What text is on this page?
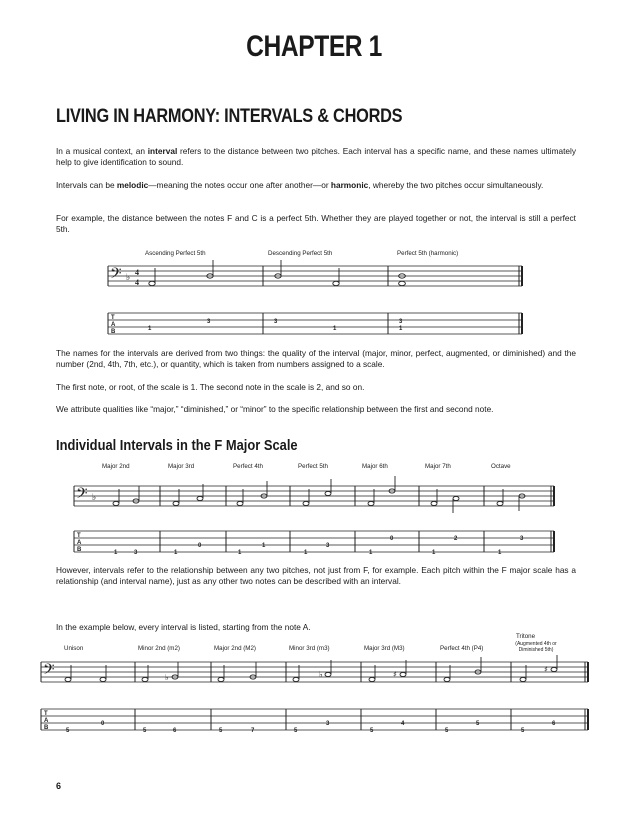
CHAPTER 1
LIVING IN HARMONY: INTERVALS & CHORDS
In a musical context, an interval refers to the distance between two pitches. Each interval has a specific name, and these names ultimately help to give identification to sound.
Intervals can be melodic—meaning the notes occur one after another—or harmonic, whereby the two pitches occur simultaneously.
For example, the distance between the notes F and C is a perfect 5th. Whether they are played together or not, the interval is still a perfect 5th.
Ascending Perfect 5th	Descending Perfect 5th	Perfect 5th (harmonic)
𝄢 ♭
4
4
T
A
B	1
3	3
1
3
1
The names for the intervals are derived from two things: the quality of the interval (major, minor, perfect, augmented, or diminished) and the number (2nd, 4th, 7th, etc.), or quantity, which is taken from numbers assigned to a scale.
The first note, or root, of the scale is 1. The second note in the scale is 2, and so on.
We attribute qualities like “major,” “diminished,” or “minor” to the specific relationship between the first and second note.
Individual Intervals in the F Major Scale
Major 2nd	Major 3rd	Perfect 4th	Perfect 5th	Major 6th	Major 7th	Octave
𝄢 ♭
T
A
B	1	3	1
0
1
1
1
3
1
0
1
2
1
3
However, intervals refer to the relationship between any two pitches, not just from F, for example. Each pitch within the F major scale has a relationship (and interval name), just as any other two notes can be described with an interval.
In the example below, every interval is listed, starting from the note A.
Unison	Minor 2nd (m2)	Major 2nd (M2)	Minor 3rd (m3)	Major 3rd (M3)	Perfect 4th (P4)
Tritone
(Augmented 4th or
Diminished 5th)
𝄢
T
A
B
♭	♭	♯
♯
5
0
5	6	5	7	5
3
5
4
5
5
5
6
6
